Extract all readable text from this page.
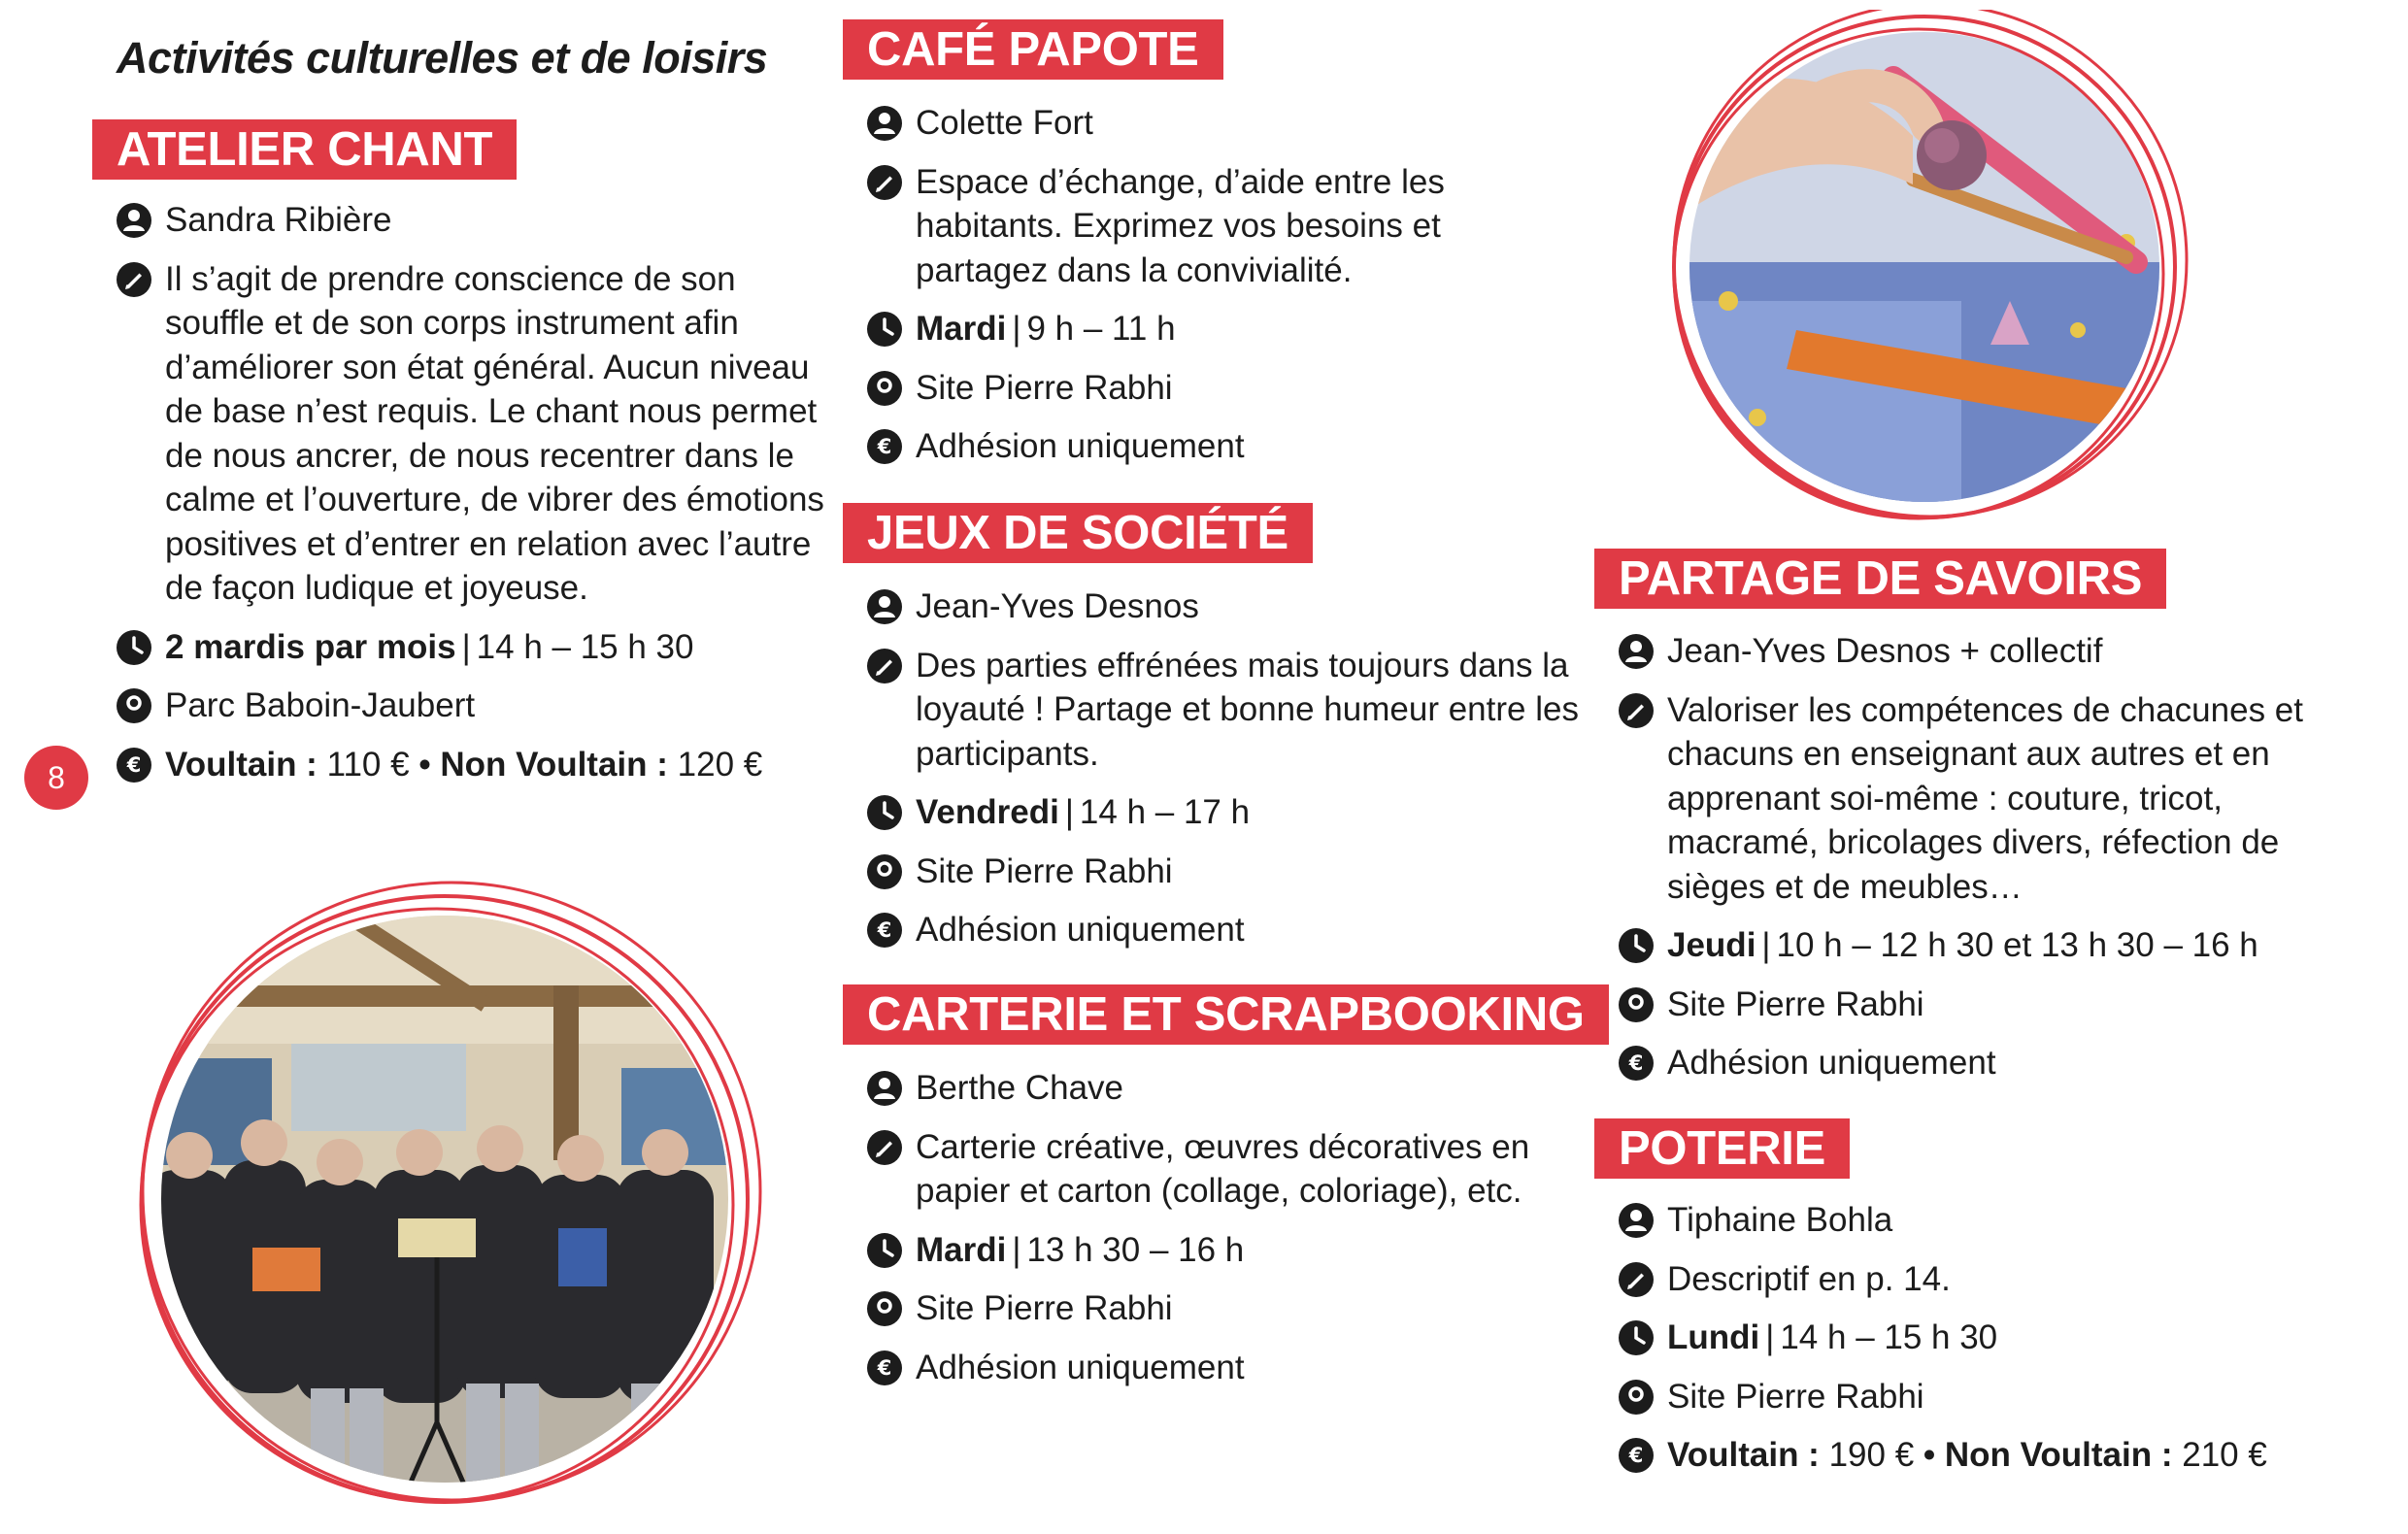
Activités culturelles et de loisirs
ATELIER CHANT
Sandra Ribière
Il s’agit de prendre conscience de son souffle et de son corps instrument afin d’améliorer son état général. Aucun niveau de base n’est requis. Le chant nous permet de nous ancrer, de nous recentrer dans le calme et l’ouverture, de vibrer des émotions positives et d’entrer en relation avec l’autre de façon ludique et joyeuse.
2 mardis par mois | 14 h – 15 h 30
Parc Baboin-Jaubert
€ Voultain : 110 € • Non Voultain : 120 €
8
CAFÉ PAPOTE
Colette Fort
Espace d’échange, d’aide entre les habitants. Exprimez vos besoins et partagez dans la convivialité.
Mardi | 9 h – 11 h
Site Pierre Rabhi
€ Adhésion uniquement
JEUX DE SOCIÉTÉ
Jean-Yves Desnos
Des parties effrénées mais toujours dans la loyauté ! Partage et bonne humeur entre les participants.
Vendredi | 14 h – 17 h
Site Pierre Rabhi
€ Adhésion uniquement
CARTERIE ET SCRAPBOOKING
Berthe Chave
Carterie créative, œuvres décoratives en papier et carton (collage, coloriage), etc.
Mardi | 13 h 30 – 16 h
Site Pierre Rabhi
€ Adhésion uniquement
PARTAGE DE SAVOIRS
Jean-Yves Desnos + collectif
Valoriser les compétences de chacunes et chacuns en enseignant aux autres et en apprenant soi-même : couture, tricot, macramé, bricolages divers, réfection de sièges et de meubles…
Jeudi | 10 h – 12 h 30 et 13 h 30 – 16 h
Site Pierre Rabhi
€ Adhésion uniquement
POTERIE
Tiphaine Bohla
Descriptif en p. 14.
Lundi | 14 h – 15 h 30
Site Pierre Rabhi
€ Voultain : 190 € • Non Voultain : 210 €
